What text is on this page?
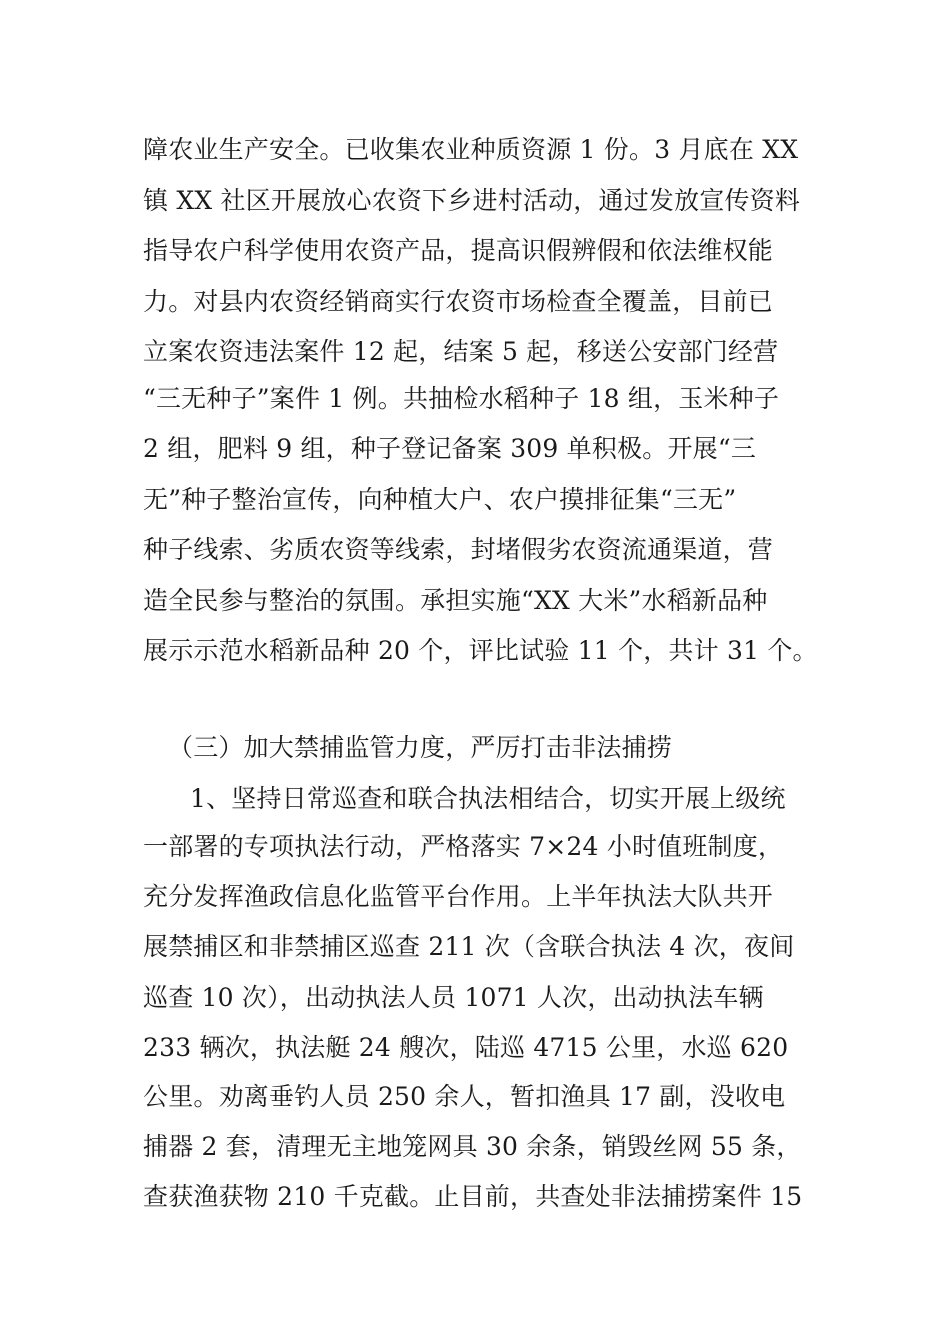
障农业生产安全。已收集农业种质资源 1 份。3 月底在 XX
镇 XX 社区开展放心农资下乡进村活动，通过发放宣传资料
指导农户科学使用农资产品，提高识假辨假和依法维权能
力。对县内农资经销商实行农资市场检查全覆盖，目前已
立案农资违法案件 12 起，结案 5 起，移送公安部门经营
“三无种子”案件 1 例。共抽检水稻种子 18 组，玉米种子
2 组，肥料 9 组，种子登记备案 309 单积极。开展“三
无”种子整治宣传，向种植大户、农户摸排征集“三无”
种子线索、劣质农资等线索，封堵假劣农资流通渠道，营
造全民参与整治的氛围。承担实施“XX 大米”水稻新品种
展示示范水稻新品种 20 个，评比试验 11 个，共计 31 个。
（三）加大禁捕监管力度，严厉打击非法捕捞
1、坚持日常巡查和联合执法相结合，切实开展上级统
一部署的专项执法行动，严格落实 7×24 小时值班制度，
充分发挥渔政信息化监管平台作用。上半年执法大队共开
展禁捕区和非禁捕区巡查 211 次（含联合执法 4 次，夜间
巡查 10 次），出动执法人员 1071 人次，出动执法车辆
233 辆次，执法艇 24 艘次，陆巡 4715 公里，水巡 620
公里。劝离垂钓人员 250 余人，暂扣渔具 17 副，没收电
捕器 2 套，清理无主地笼网具 30 余条，销毁丝网 55 条，
查获渔获物 210 千克截。止目前，共查处非法捕捞案件 15
